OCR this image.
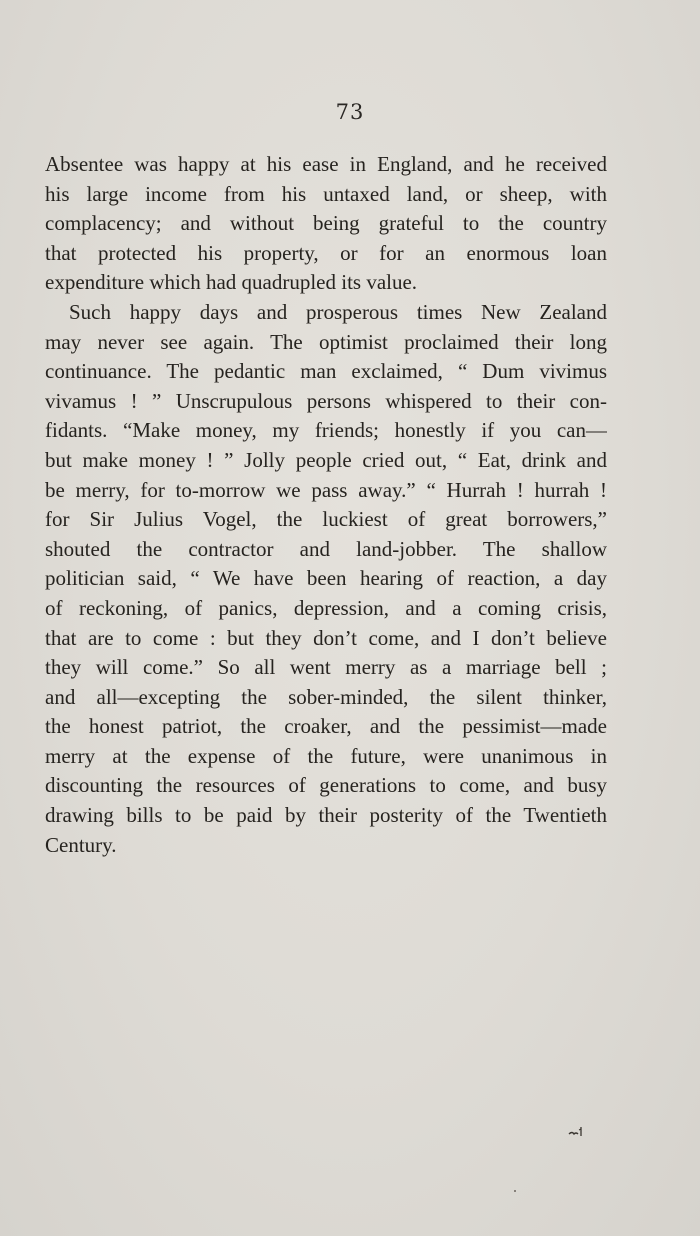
73
Absentee was happy at his ease in England, and he received
his large income from his untaxed land, or sheep, with
complacency; and without being grateful to the country
that protected his property, or for an enormous loan
expenditure which had quadrupled its value.
Such happy days and prosperous times New Zealand
may never see again. The optimist proclaimed their long
continuance. The pedantic man exclaimed, “ Dum vivimus
vivamus ! ” Unscrupulous persons whispered to their con-
fidants. “Make money, my friends; honestly if you can—
but make money ! ” Jolly people cried out, “ Eat, drink and
be merry, for to-morrow we pass away.” “ Hurrah ! hurrah !
for Sir Julius Vogel, the luckiest of great borrowers,”
shouted the contractor and land-jobber. The shallow
politician said, “ We have been hearing of reaction, a day
of reckoning, of panics, depression, and a coming crisis,
that are to come : but they don’t come, and I don’t believe
they will come.” So all went merry as a marriage bell ;
and all—excepting the sober-minded, the silent thinker,
the honest patriot, the croaker, and the pessimist—made
merry at the expense of the future, were unanimous in
discounting the resources of generations to come, and busy
drawing bills to be paid by their posterity of the Twentieth
Century.
